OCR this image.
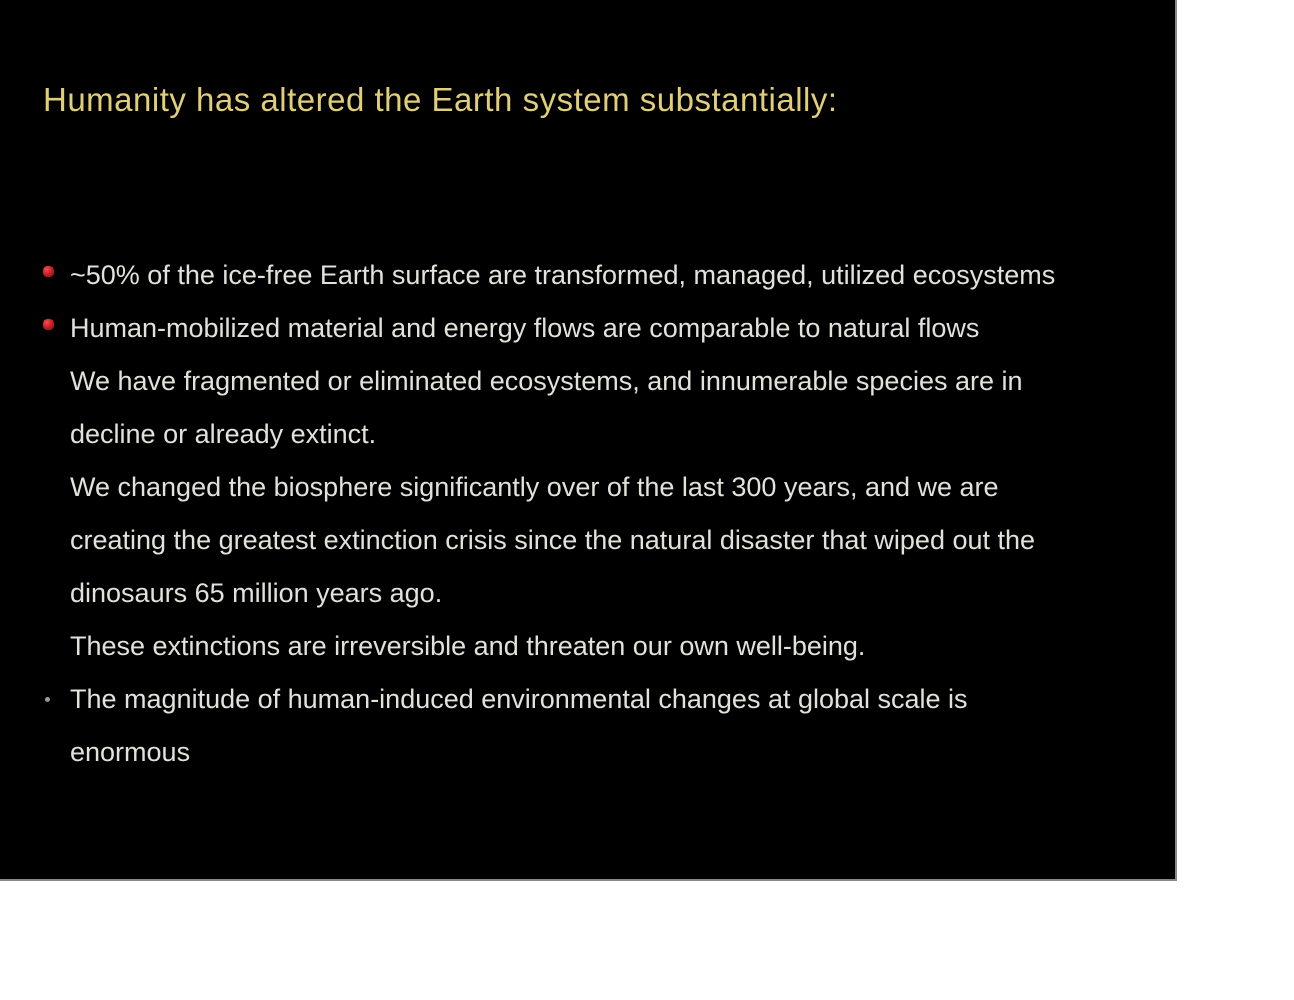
Humanity has altered the Earth system substantially:
~50% of the ice-free Earth surface are transformed, managed, utilized ecosystems
Human-mobilized material and energy flows are comparable to natural flows
We have fragmented or eliminated ecosystems, and innumerable species are in
decline or already extinct.
We changed the biosphere significantly over of the last 300 years, and we are
creating the greatest extinction crisis since the natural disaster that wiped out the
dinosaurs 65 million years ago.
These extinctions are irreversible and threaten our own well-being.
The magnitude of human-induced environmental changes at global scale is
enormous
